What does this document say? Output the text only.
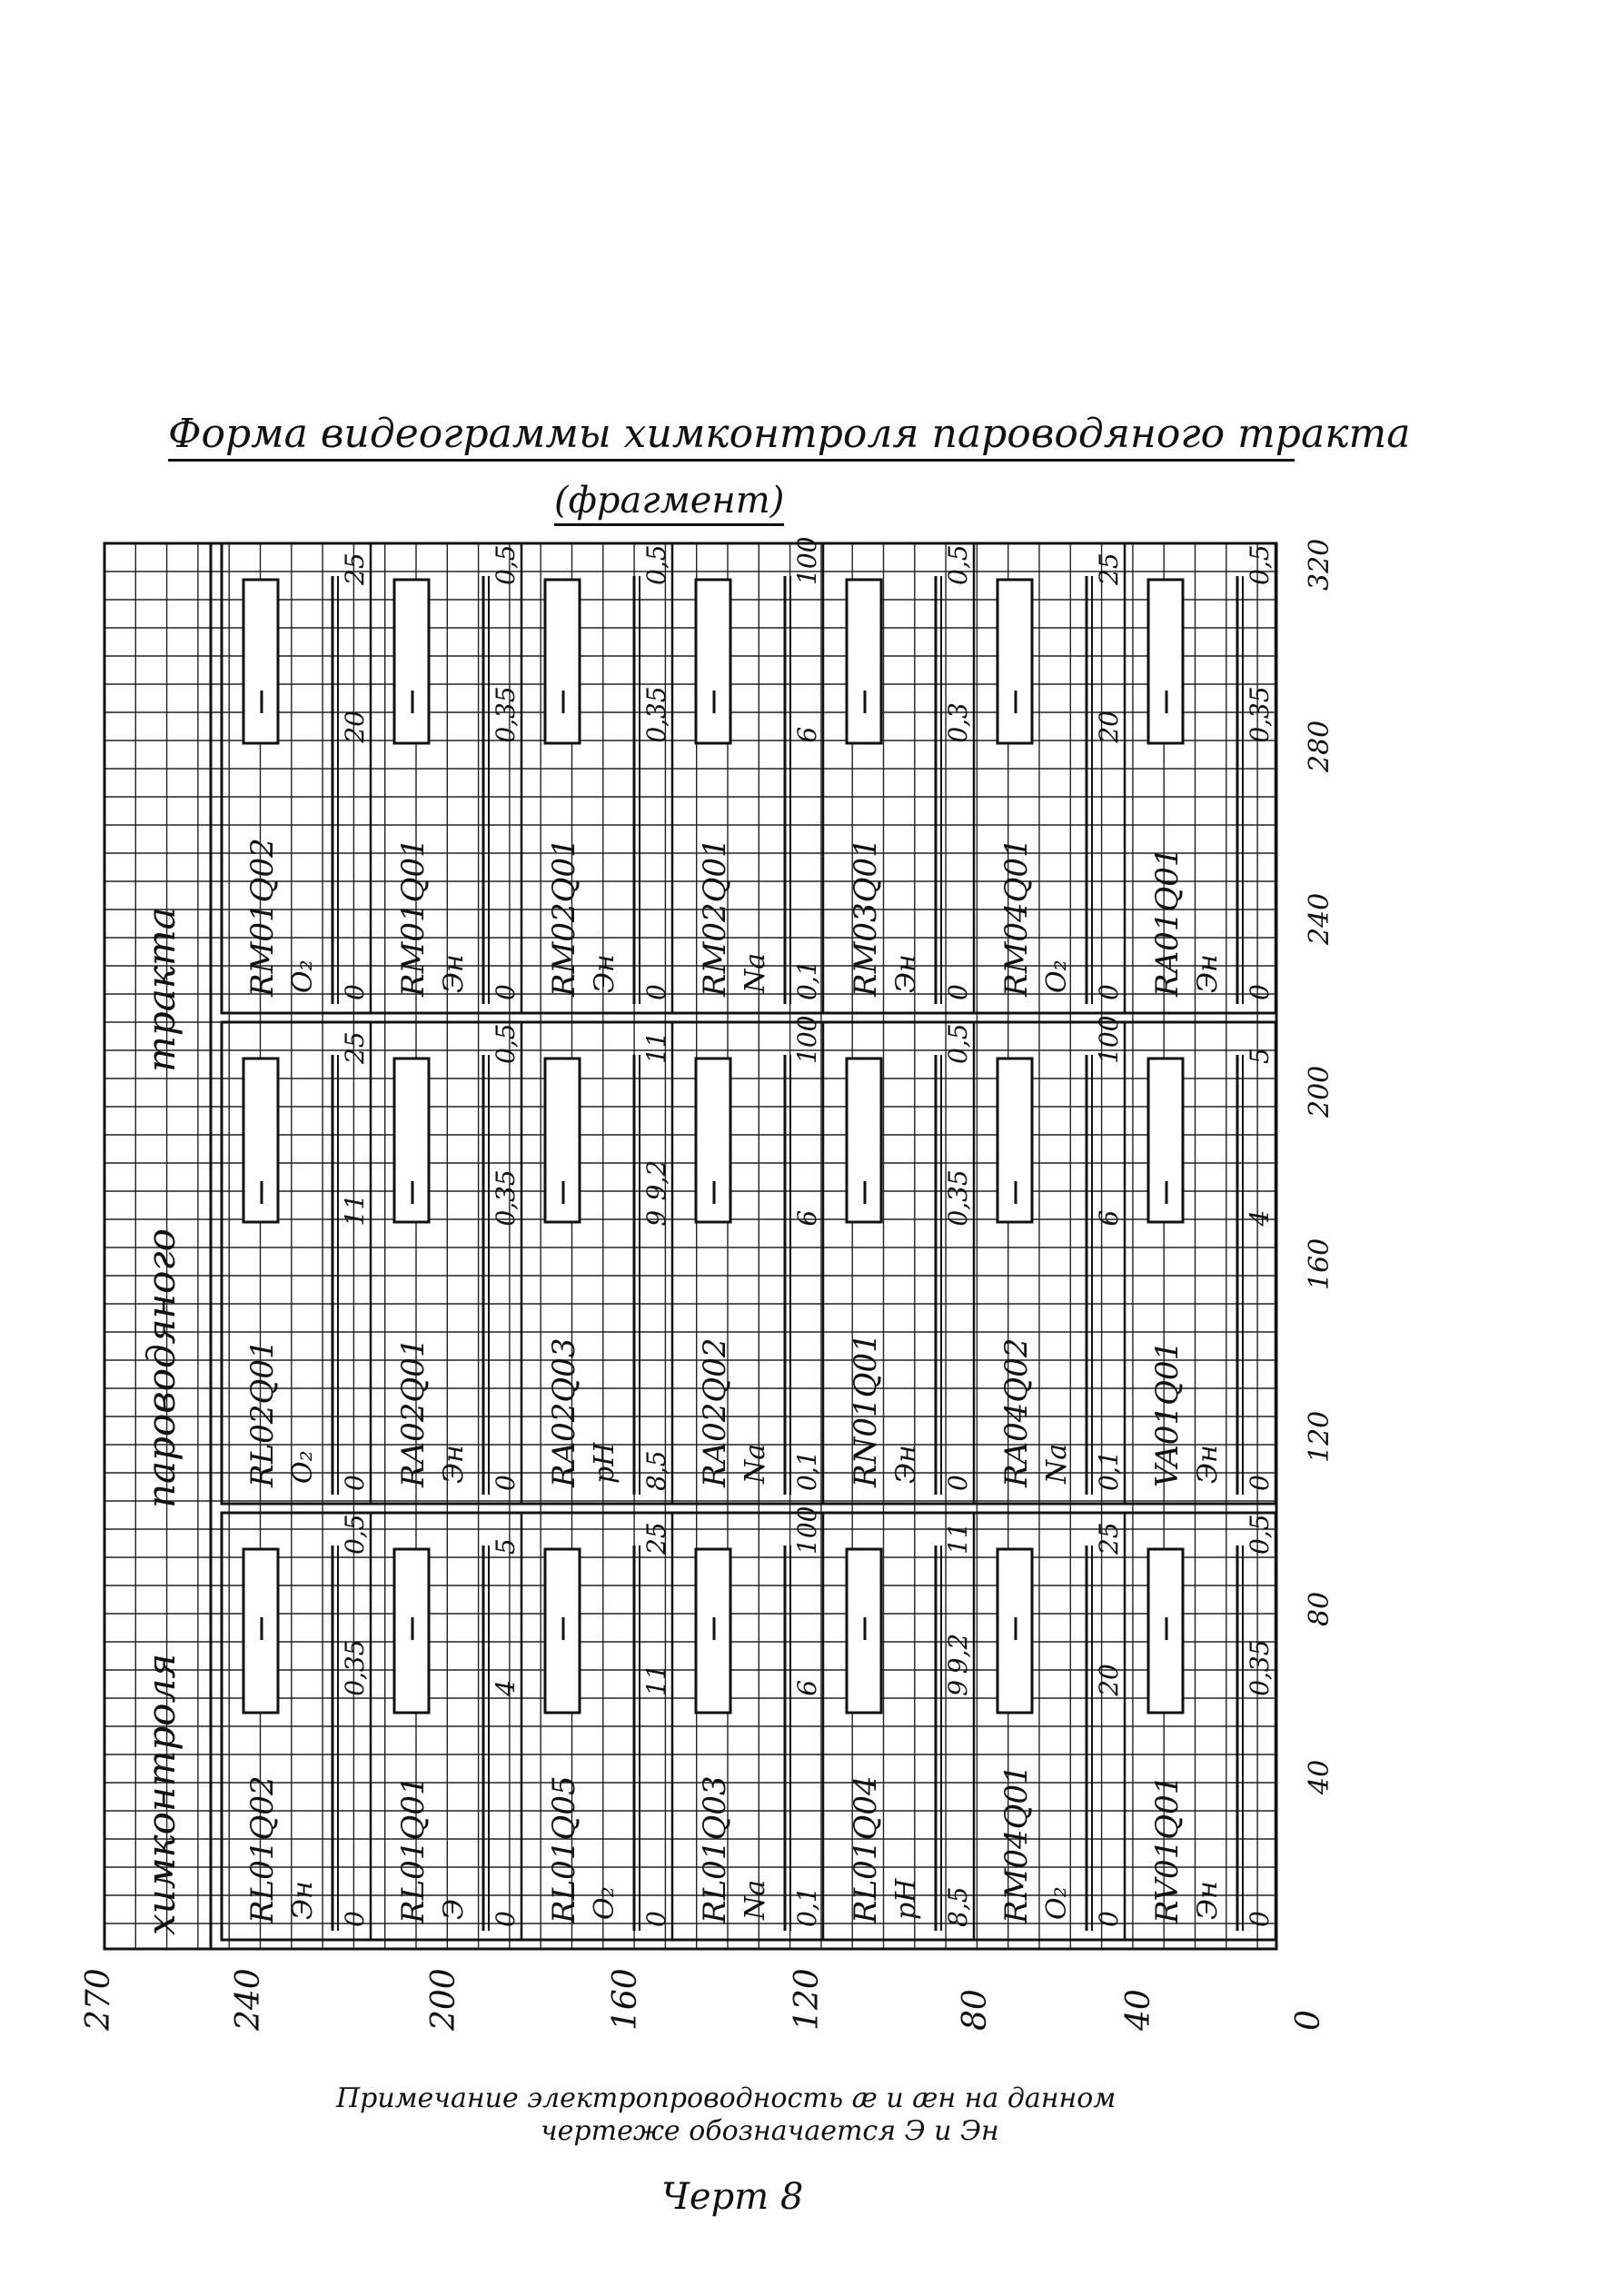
Форма видеограммы химконтроля пароводяного тракта
(фрагмент)
RL01Q02 Эн 0
0,35
0,5
RL01Q01 Э 0
4
5
RL01Q05 O₂ 0
11
25
RL01Q03 Na 0,1
6
100
RL01Q04 pH 8,5
9
9,2
11
RM04Q01 O₂ 0
20
25
RV01Q01 Эн 0
0,35
0,5
RL02Q01 O₂ 0
11
25
RA02Q01 Эн 0
0,35
0,5
RA02Q03 pH 8,5
9
9,2
11
RA02Q02 Na 0,1
6
100
RN01Q01 Эн 0
0,35
0,5
RA04Q02 Na 0,1
6
100
VA01Q01 Эн 0
4
5
RM01Q02 O₂ 0
20
25
RM01Q01 Эн 0
0,35
0,5
RM02Q01 Эн 0
0,35
0,5
RM02Q01 Na 0,1
6
100
RM03Q01 Эн 0
0,3
0,5
RM04Q01 O₂ 0
20
25
RA01Q01 Эн 0
0,35
0,5
химконтроля
пароводяного
тракта
0
40
80
120
160
200
240
270
40
80
120
160
200
240
280
320
Примечание электропроводность æ и æн на данном
чертеже обозначается Э и Эн
Черт 8
